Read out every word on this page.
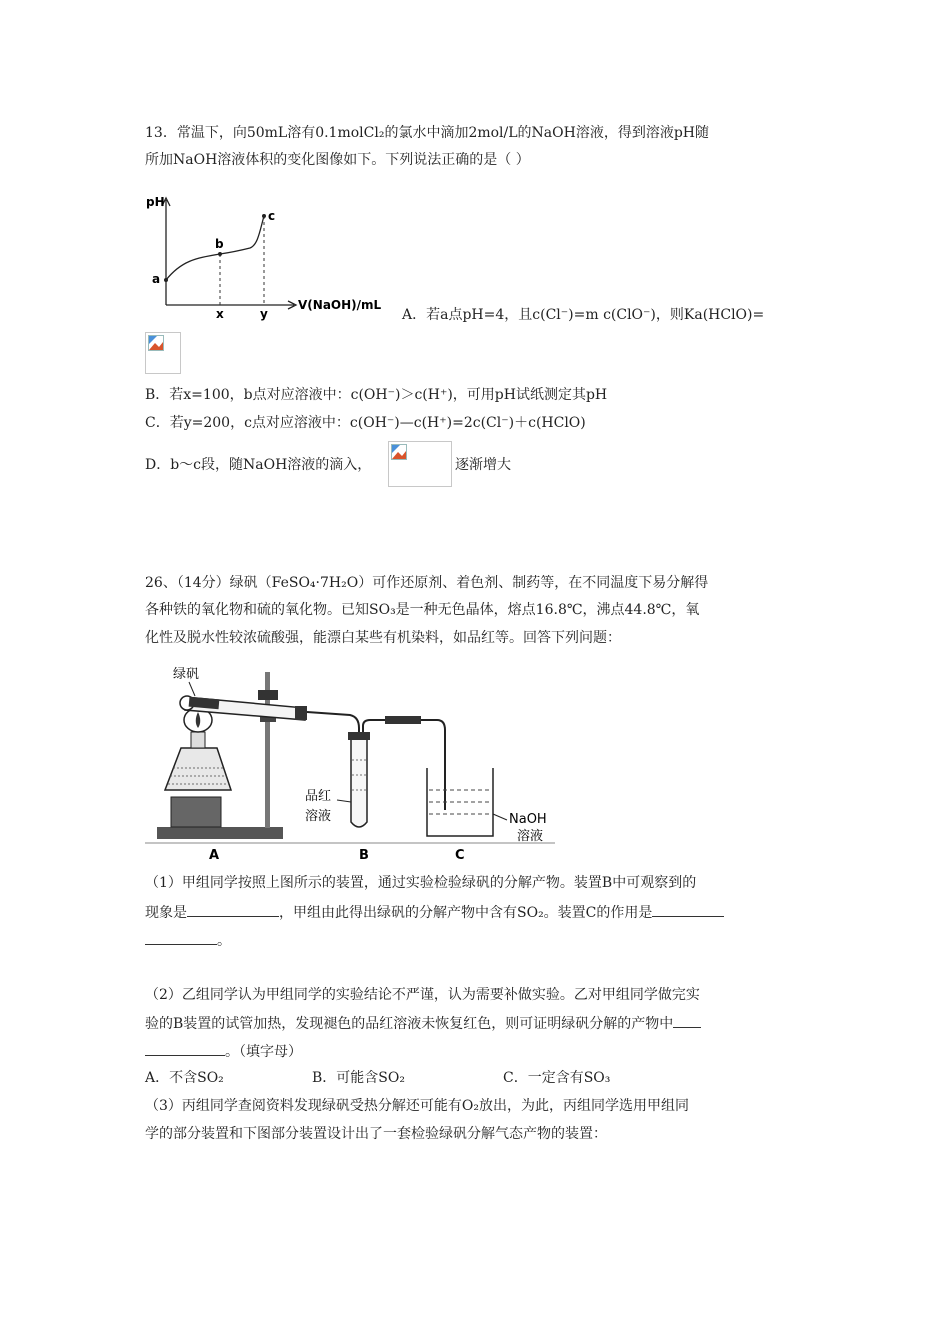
13．常温下，向50mL溶有0.1molCl₂的氯水中滴加2mol/L的NaOH溶液，得到溶液pH随
所加NaOH溶液体积的变化图像如下。下列说法正确的是（ ）
pH
V(NaOH)/mL
a
b
c
x	y	A．若a点pH=4，且c(Cl⁻)=m c(ClO⁻)，则Ka(HClO)=
B．若x=100，b点对应溶液中：c(OH⁻)＞c(H⁺)，可用pH试纸测定其pH
C．若y=200，c点对应溶液中：c(OH⁻)—c(H⁺)=2c(Cl⁻)＋c(HClO)
D．b～c段，随NaOH溶液的滴入，	逐渐增大
26、（14分）绿矾（FeSO₄·7H₂O）可作还原剂、着色剂、制药等，在不同温度下易分解得
各种铁的氧化物和硫的氧化物。已知SO₃是一种无色晶体，熔点16.8℃，沸点44.8℃，氧
化性及脱水性较浓硫酸强，能漂白某些有机染料，如品红等。回答下列问题：
绿矾
品红
溶液	NaOH
溶液
A	B	C
（1）甲组同学按照上图所示的装置，通过实验检验绿矾的分解产物。装置B中可观察到的
现象是	，甲组由此得出绿矾的分解产物中含有SO₂。装置C的作用是
。
（2）乙组同学认为甲组同学的实验结论不严谨，认为需要补做实验。乙对甲组同学做完实
验的B装置的试管加热，发现褪色的品红溶液未恢复红色，则可证明绿矾分解的产物中
。（填字母）
A．不含SO₂	B．可能含SO₂	C．一定含有SO₃
（3）丙组同学查阅资料发现绿矾受热分解还可能有O₂放出，为此，丙组同学选用甲组同
学的部分装置和下图部分装置设计出了一套检验绿矾分解气态产物的装置：
